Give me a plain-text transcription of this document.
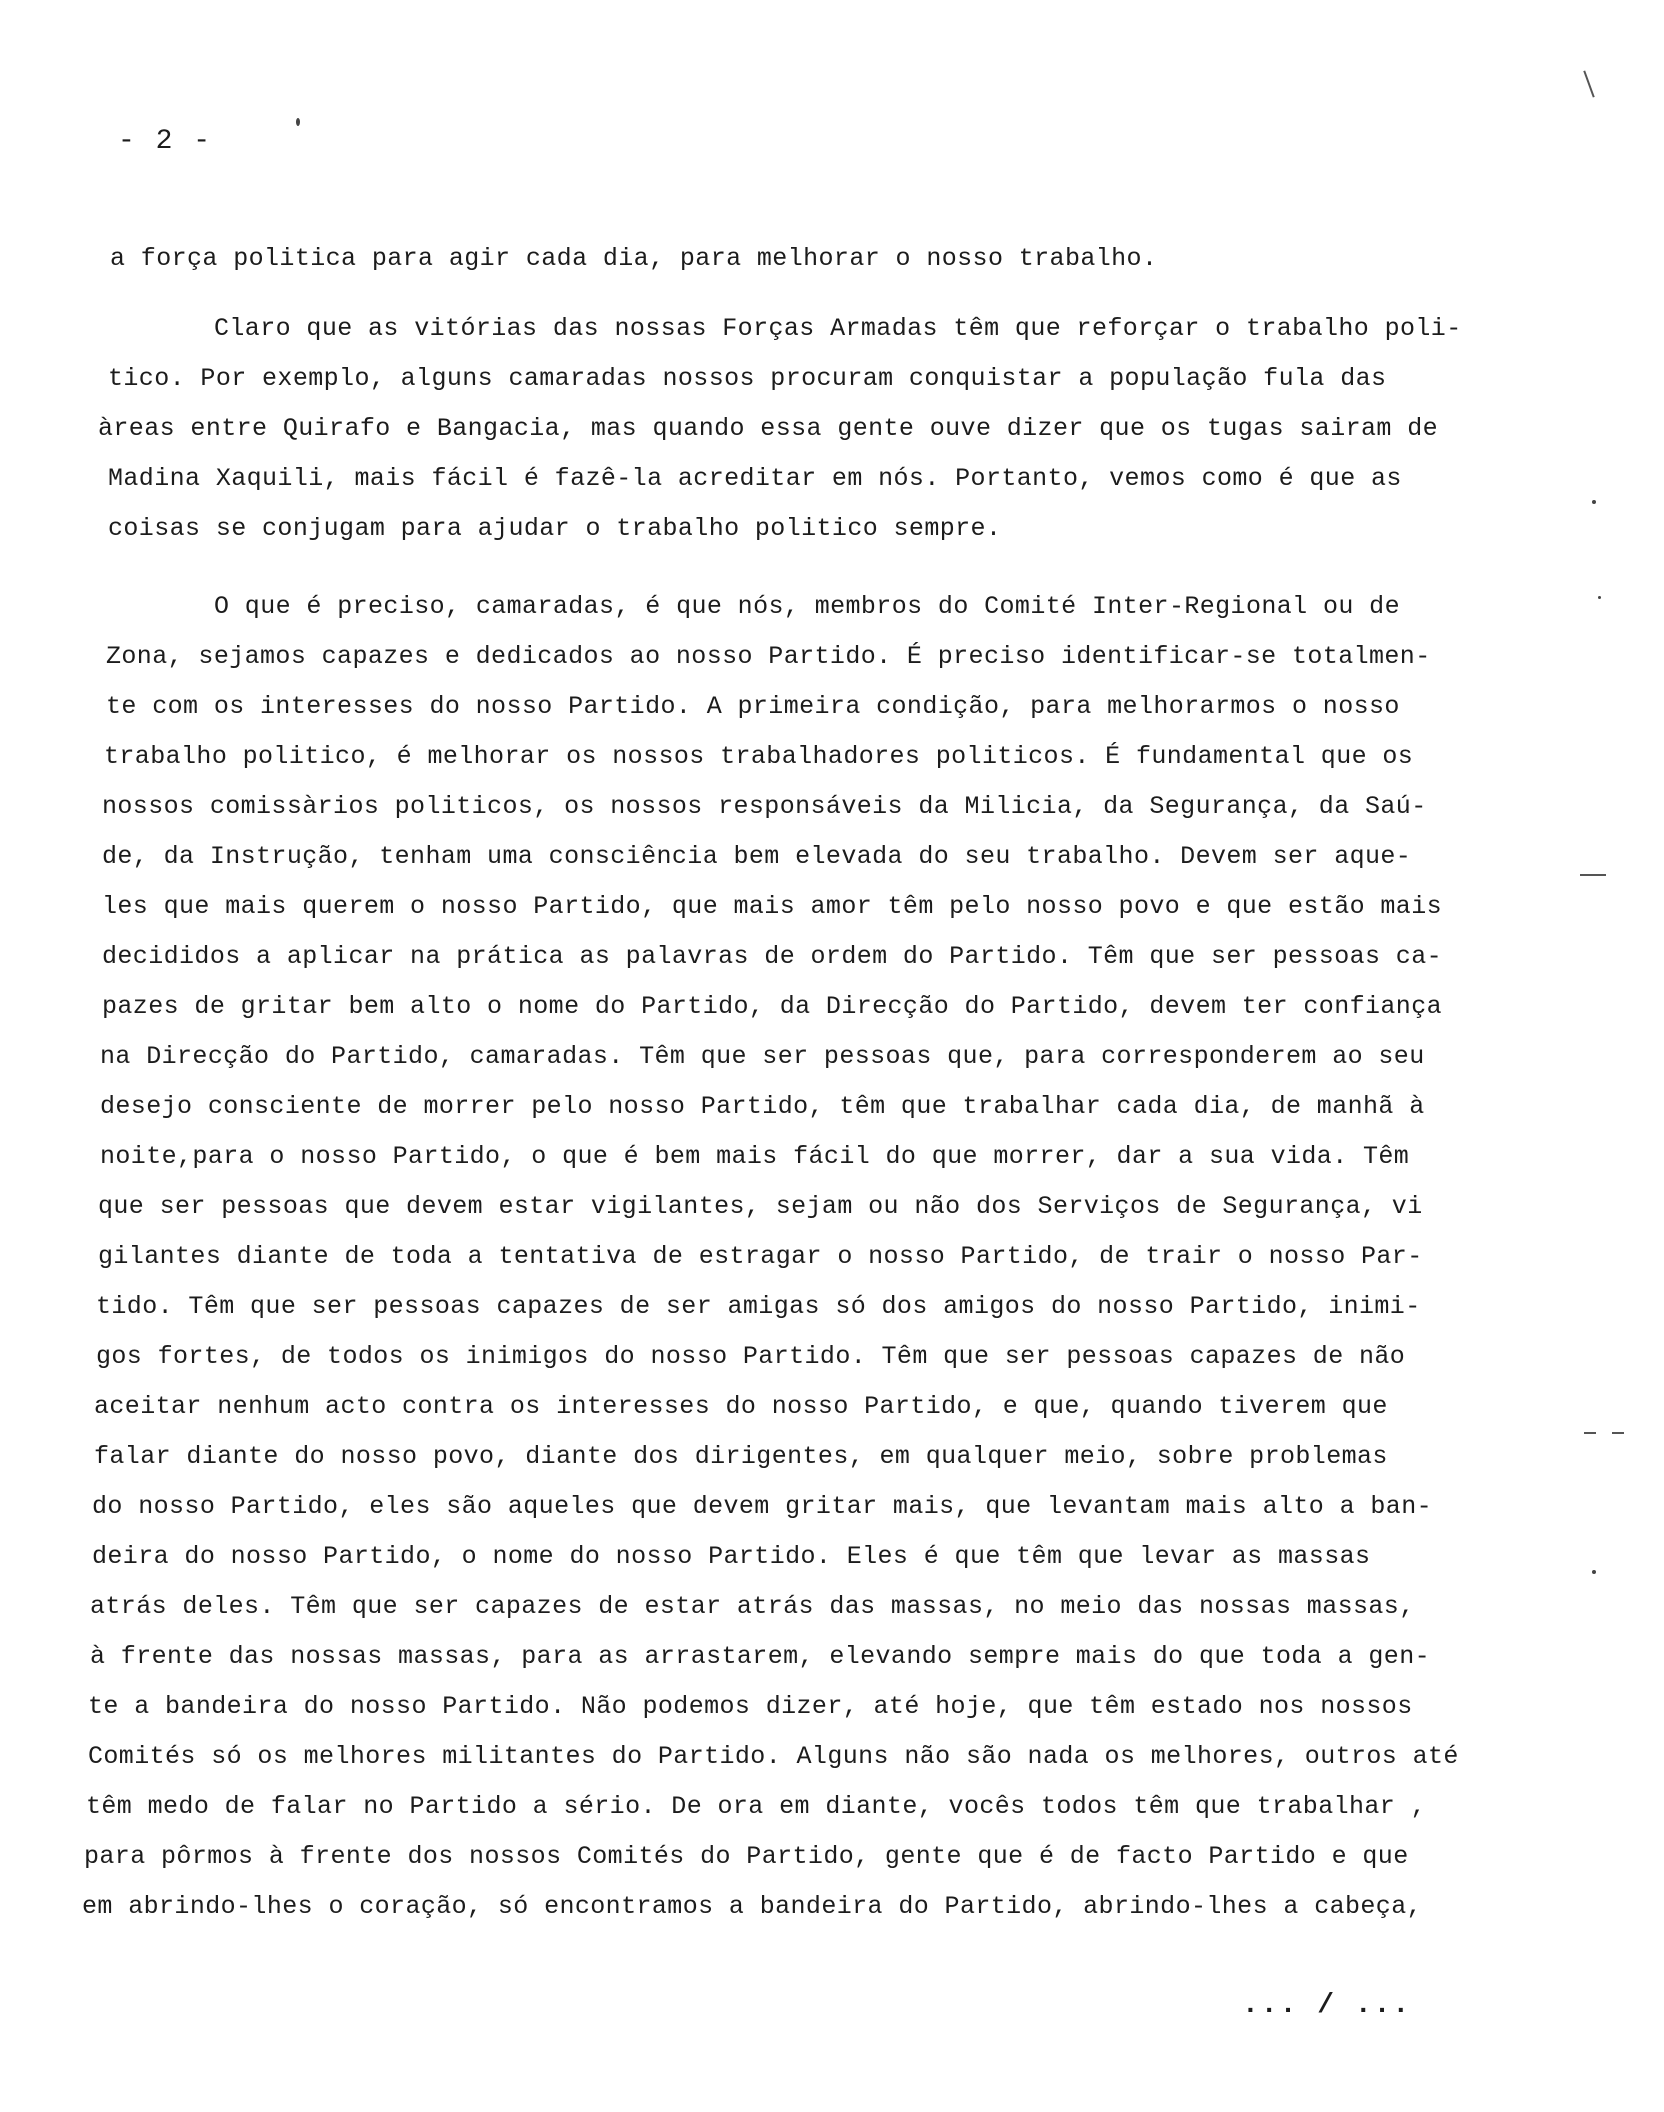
- 2 -
a força politica para agir cada dia, para melhorar o nosso trabalho.
Claro que as vitórias das nossas Forças Armadas têm que reforçar o trabalho poli-
tico. Por exemplo, alguns camaradas nossos procuram conquistar a população fula das
àreas entre Quirafo e Bangacia, mas quando essa gente ouve dizer que os tugas sairam de
Madina Xaquili, mais fácil é fazê-la acreditar em nós. Portanto, vemos como é que as
coisas se conjugam para ajudar o trabalho politico sempre.
O que é preciso, camaradas, é que nós, membros do Comité Inter-Regional ou de
Zona, sejamos capazes e dedicados ao nosso Partido. É preciso identificar-se totalmen-
te com os interesses do nosso Partido. A primeira condição, para melhorarmos o nosso
trabalho politico, é melhorar os nossos trabalhadores politicos. É fundamental que os
nossos comissàrios politicos, os nossos responsáveis da Milicia, da Segurança, da Saú-
de, da Instrução, tenham uma consciência bem elevada do seu trabalho. Devem ser aque-
les que mais querem o nosso Partido, que mais amor têm pelo nosso povo e que estão mais
decididos a aplicar na prática as palavras de ordem do Partido. Têm que ser pessoas ca-
pazes de gritar bem alto o nome do Partido, da Direcção do Partido, devem ter confiança
na Direcção do Partido, camaradas. Têm que ser pessoas que, para corresponderem ao seu
desejo consciente de morrer pelo nosso Partido, têm que trabalhar cada dia, de manhã à
noite,para o nosso Partido, o que é bem mais fácil do que morrer, dar a sua vida. Têm
que ser pessoas que devem estar vigilantes, sejam ou não dos Serviços de Segurança, vi
gilantes diante de toda a tentativa de estragar o nosso Partido, de trair o nosso Par-
tido. Têm que ser pessoas capazes de ser amigas só dos amigos do nosso Partido, inimi-
gos fortes, de todos os inimigos do nosso Partido. Têm que ser pessoas capazes de não
aceitar nenhum acto contra os interesses do nosso Partido, e que, quando tiverem que
falar diante do nosso povo, diante dos dirigentes, em qualquer meio, sobre problemas
do nosso Partido, eles são aqueles que devem gritar mais, que levantam mais alto a ban-
deira do nosso Partido, o nome do nosso Partido. Eles é que têm que levar as massas
atrás deles. Têm que ser capazes de estar atrás das massas, no meio das nossas massas,
à frente das nossas massas, para as arrastarem, elevando sempre mais do que toda a gen-
te a bandeira do nosso Partido. Não podemos dizer, até hoje, que têm estado nos nossos
Comités só os melhores militantes do Partido. Alguns não são nada os melhores, outros até
têm medo de falar no Partido a sério. De ora em diante, vocês todos têm que trabalhar ,
para pôrmos à frente dos nossos Comités do Partido, gente que é de facto Partido e que
em abrindo-lhes o coração, só encontramos a bandeira do Partido, abrindo-lhes a cabeça,
... / ...
